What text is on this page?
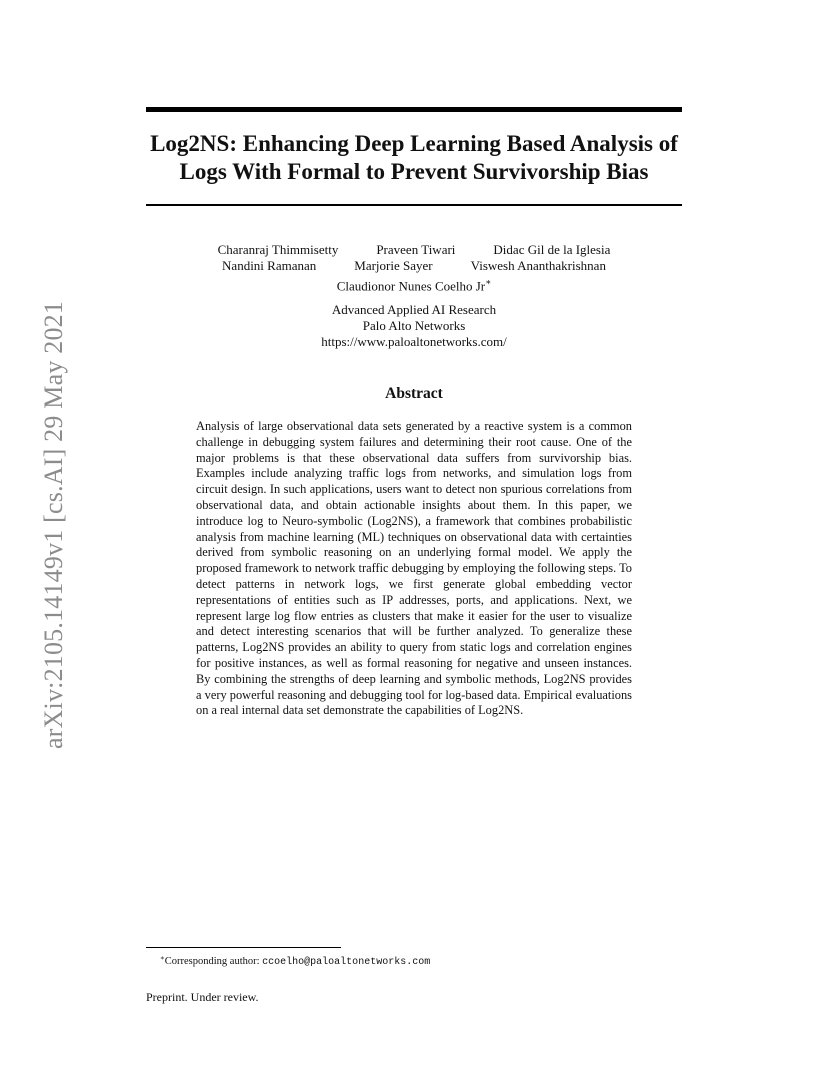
Log2NS: Enhancing Deep Learning Based Analysis of Logs With Formal to Prevent Survivorship Bias
Charanraj Thimmisetty	Praveen Tiwari	Didac Gil de la Iglesia
Nandini Ramanan	Marjorie Sayer	Viswesh Ananthakrishnan
Claudionor Nunes Coelho Jr∗
Advanced Applied AI Research
Palo Alto Networks
https://www.paloaltonetworks.com/
Abstract

Analysis of large observational data sets generated by a reactive system is a common challenge in debugging system failures and determining their root cause. One of the major problems is that these observational data suffers from survivorship bias. Examples include analyzing traffic logs from networks, and simulation logs from circuit design. In such applications, users want to detect non spurious correlations from observational data, and obtain actionable insights about them. In this paper, we introduce log to Neuro-symbolic (Log2NS), a framework that combines probabilistic analysis from machine learning (ML) techniques on observational data with certainties derived from symbolic reasoning on an underlying formal model. We apply the proposed framework to network traffic debugging by employing the following steps. To detect patterns in network logs, we first generate global embedding vector representations of entities such as IP addresses, ports, and applications. Next, we represent large log flow entries as clusters that make it easier for the user to visualize and detect interesting scenarios that will be further analyzed. To generalize these patterns, Log2NS provides an ability to query from static logs and correlation engines for positive instances, as well as formal reasoning for negative and unseen instances. By combining the strengths of deep learning and symbolic methods, Log2NS provides a very powerful reasoning and debugging tool for log-based data. Empirical evaluations on a real internal data set demonstrate the capabilities of Log2NS.

arXiv:2105.14149v1 [cs.AI] 29 May 2021
∗Corresponding author: ccoelho@paloaltonetworks.com
Preprint. Under review.
